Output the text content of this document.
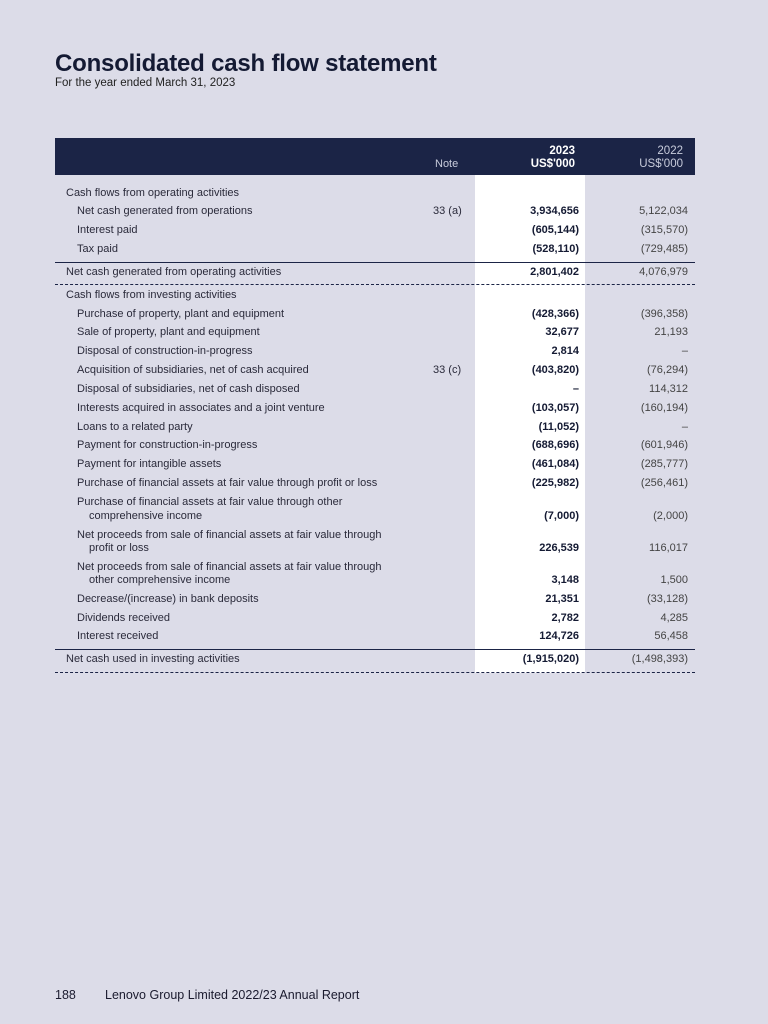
Consolidated cash flow statement
For the year ended March 31, 2023
Note
2023
US$'000
2022
US$'000
Cash flows from operating activities
Net cash generated from operations	33 (a)	3,934,656	5,122,034
Interest paid	(605,144)	(315,570)
Tax paid	(528,110)	(729,485)
Net cash generated from operating activities	2,801,402	4,076,979
Cash flows from investing activities
Purchase of property, plant and equipment	(428,366)	(396,358)
Sale of property, plant and equipment	32,677	21,193
Disposal of construction-in-progress	2,814	–
Acquisition of subsidiaries, net of cash acquired	33 (c)	(403,820)	(76,294)
Disposal of subsidiaries, net of cash disposed	–	114,312
Interests acquired in associates and a joint venture	(103,057)	(160,194)
Loans to a related party	(11,052)	–
Payment for construction-in-progress	(688,696)	(601,946)
Payment for intangible assets	(461,084)	(285,777)
Purchase of financial assets at fair value through profit or loss	(225,982)	(256,461)
Purchase of financial assets at fair value through other
comprehensive income	(7,000)	(2,000)
Net proceeds from sale of financial assets at fair value through
profit or loss	226,539	116,017
Net proceeds from sale of financial assets at fair value through
other comprehensive income	3,148	1,500
Decrease/(increase) in bank deposits	21,351	(33,128)
Dividends received	2,782	4,285
Interest received	124,726	56,458
Net cash used in investing activities	(1,915,020)	(1,498,393)
188 Lenovo Group Limited 2022/23 Annual Report
